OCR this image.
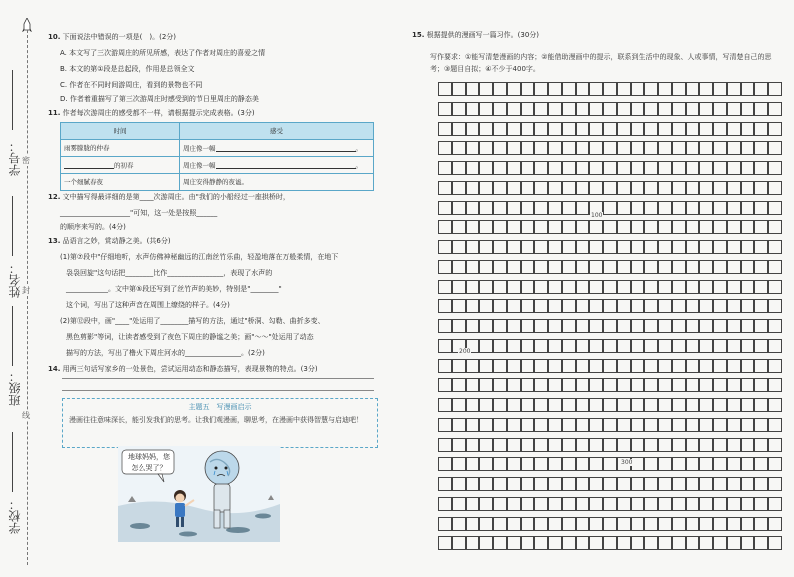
学号：
姓名：
班级：
学校：
密
封
线
10. 下面说法中错误的一项是(　)。(2分)
A. 本文写了三次游周庄的所见所感，表达了作者对周庄的喜爱之情
B. 本文的第①段是总起段，作用是总领全文
C. 作者在不同时间游周庄，看到的景物也不同
D. 作者着重描写了第三次游周庄时感受到的节日里周庄的静态美
11. 作者每次游周庄的感受都不一样，请根据提示完成表格。(3分)
时间	感受
雨雾朦胧的仲春	周庄像一幅 。
的初春	周庄像一幅 。
一个细腻春夜	周庄安得静静的夜谧。
12. 文中描写得最详细的是第____次游周庄。由"我们的小船经过一座拱桥时，
____________________"可知，这一处是按照______
的顺序来写的。(4分)
13. 品语言之妙，赏动静之美。(共6分)
(1)第⑦段中"仔细地听，水声仿佛神秘幽远的江南丝竹乐曲，轻盈地落在万般柔情，在地下
袅袅回旋"这句话把________比作________________，表现了水声的
____________。文中第⑤段还写到了丝竹声的美妙，特别是"________"
这个词，写出了这种声音在周围上缭绕的样子。(4分)
(2)第⑫段中，画"____"处运用了________描写的方法，通过"桥洞、勾勒、曲折多变、
黑色剪影"等词，让读者感受到了夜色下周庄的静谧之美；画"～～"处运用了动态
描写的方法，写出了橹火下周庄河水的________________。(2分)
14. 用两三句话写家乡的一处景色，尝试运用动态和静态描写，表现景物的特点。(3分)
主题五　写漫画启示
漫画往往意味深长，能引发我们的思考。让我们观漫画，聊思考，在漫画中获得智慧与启迪吧！
地球妈妈，您怎么哭了？
15. 根据提供的漫画写一篇习作。(30分)
写作要求：①能写清楚漫画的内容；②能借助漫画中的提示，联系到生活中的现象、人或事情，写清楚自己的思考；③题目自拟；④不少于400字。
100
200
300
